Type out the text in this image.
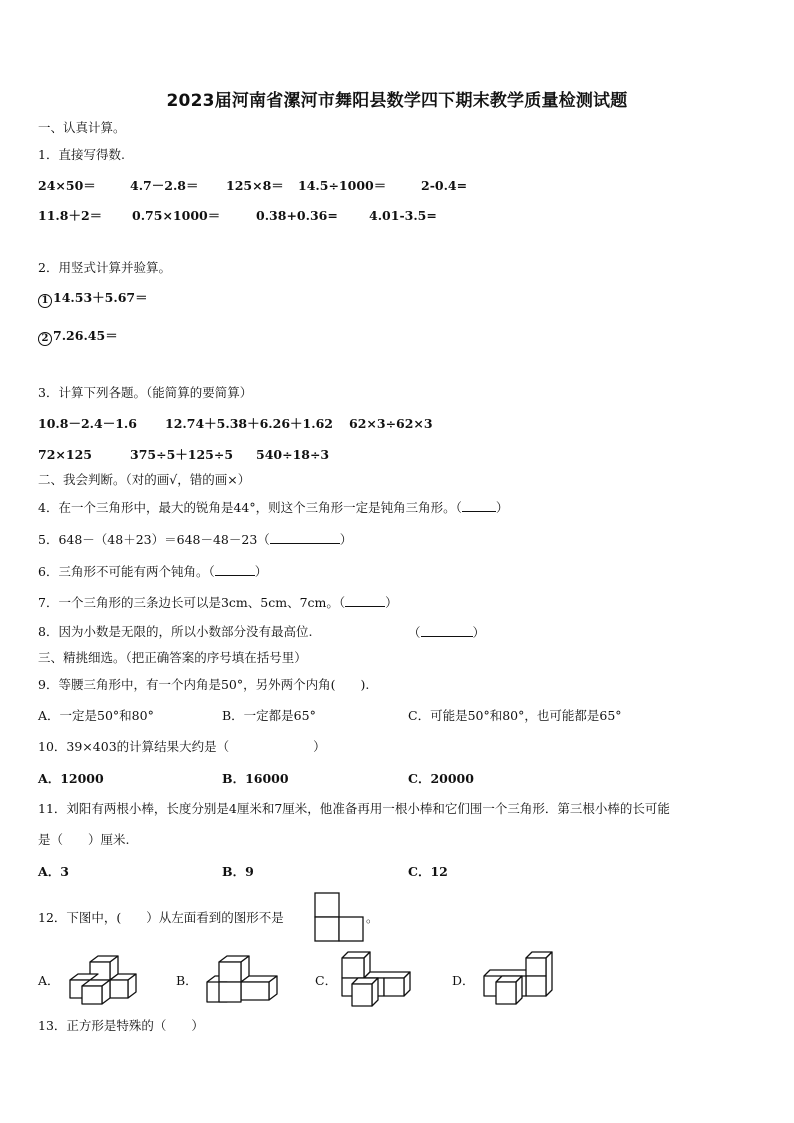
2023届河南省漯河市舞阳县数学四下期末教学质量检测试题
一、认真计算。
1．直接写得数.
24×50＝	4.7－2.8＝ 125×8＝ 14.5÷1000＝	2-0.4=
11.8＋2＝ 0.75×1000＝	0.38+0.36= 4.01-3.5=
2．用竖式计算并验算。
1 14.53＋5.67＝
2 7.26.45＝
3．计算下列各题。（能简算的要简算）
10.8－2.4－1.6 12.74＋5.38＋6.26＋1.62 62×3÷62×3
72×125	375÷5＋125÷5 540÷18÷3
二、我会判断。（对的画√，错的画×）
4．在一个三角形中，最大的锐角是44°，则这个三角形一定是钝角三角形。（	）
5．648－（48＋23）＝648－48－23（	）
6．三角形不可能有两个钝角。（	）
7．一个三角形的三条边长可以是3cm、5cm、7cm。（	）
8．因为小数是无限的，所以小数部分没有最高位.	（	）
三、精挑细选。（把正确答案的序号填在括号里）
9．等腰三角形中，有一个内角是50°，另外两个内角(　　).
A．一定是50°和80°	B．一定都是65°	C．可能是50°和80°，也可能都是65°
10．39×403的计算结果大约是（	）
A．12000	B．16000	C．20000
11．刘阳有两根小棒，长度分别是4厘米和7厘米，他准备再用一根小棒和它们围一个三角形．第三根小棒的长可能
是（　　）厘米.
A．3	B．9	C．12
12．下图中，(　　）从左面看到的图形不是	。
A．	B．	C．	D．
13．正方形是特殊的（　　）
